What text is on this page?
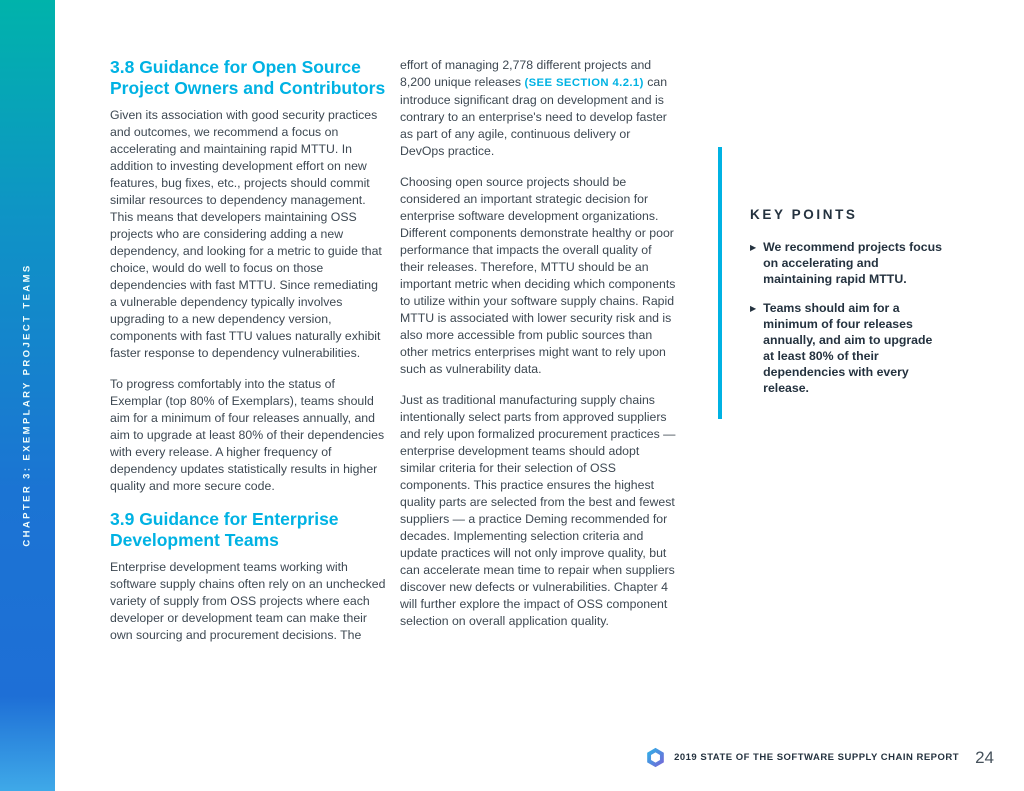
CHAPTER 3: EXEMPLARY PROJECT TEAMS
3.8 Guidance for Open Source Project Owners and Contributors

Given its association with good security practices and outcomes, we recommend a focus on accelerating and maintaining rapid MTTU. In addition to investing development effort on new features, bug fixes, etc., projects should commit similar resources to dependency management. This means that developers maintaining OSS projects who are considering adding a new dependency, and looking for a metric to guide that choice, would do well to focus on those dependencies with fast MTTU. Since remediating a vulnerable dependency typically involves upgrading to a new dependency version, components with fast TTU values naturally exhibit faster response to dependency vulnerabilities.

To progress comfortably into the status of Exemplar (top 80% of Exemplars), teams should aim for a minimum of four releases annually, and aim to upgrade at least 80% of their dependencies with every release. A higher frequency of dependency updates statistically results in higher quality and more secure code.

3.9 Guidance for Enterprise Development Teams

Enterprise development teams working with software supply chains often rely on an unchecked variety of supply from OSS projects where each developer or development team can make their own sourcing and procurement decisions. The

effort of managing 2,778 different projects and 8,200 unique releases (SEE SECTION 4.2.1) can introduce significant drag on development and is contrary to an enterprise's need to develop faster as part of any agile, continuous delivery or DevOps practice.

Choosing open source projects should be considered an important strategic decision for enterprise software development organizations. Different components demonstrate healthy or poor performance that impacts the overall quality of their releases. Therefore, MTTU should be an important metric when deciding which components to utilize within your software supply chains. Rapid MTTU is associated with lower security risk and is also more accessible from public sources than other metrics enterprises might want to rely upon such as vulnerability data.

Just as traditional manufacturing supply chains intentionally select parts from approved suppliers and rely upon formalized procurement practices — enterprise development teams should adopt similar criteria for their selection of OSS components. This practice ensures the highest quality parts are selected from the best and fewest suppliers — a practice Deming recommended for decades. Implementing selection criteria and update practices will not only improve quality, but can accelerate mean time to repair when suppliers discover new defects or vulnerabilities. Chapter 4 will further explore the impact of OSS component selection on overall application quality.

KEY POINTS
▶ We recommend projects focus on accelerating and maintaining rapid MTTU.
▶ Teams should aim for a minimum of four releases annually, and aim to upgrade at least 80% of their dependencies with every release.
2019 STATE OF THE SOFTWARE SUPPLY CHAIN REPORT 24
